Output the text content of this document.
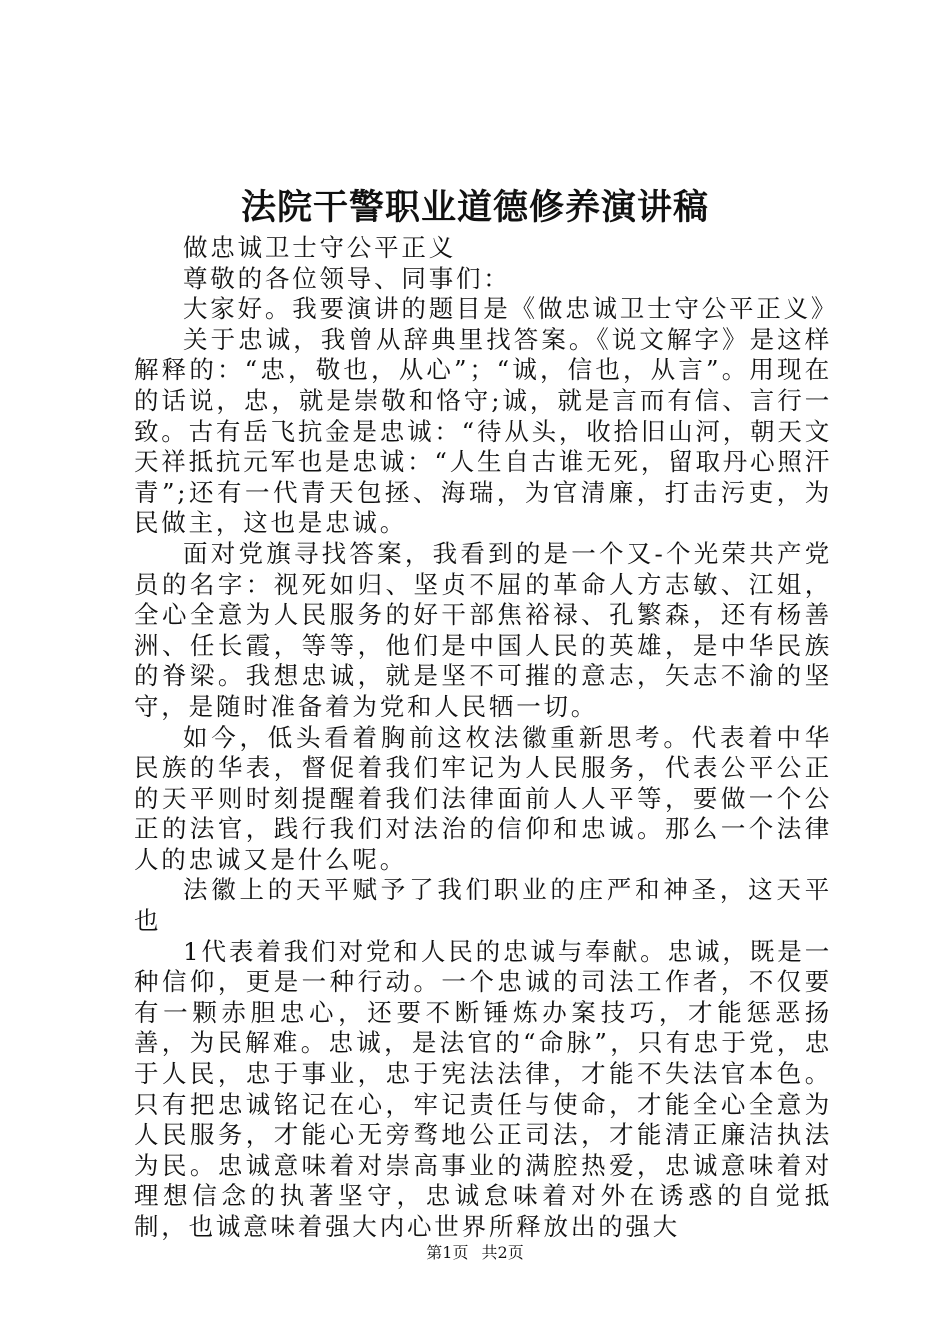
法院干警职业道德修养演讲稿

做忠诚卫士守公平正义

尊敬的各位领导、同事们：

大家好。我要演讲的题目是《做忠诚卫士守公平正义》

关于忠诚，我曾从辞典里找答案。《说文解字》是这样解释的：“忠，敬也，从心”；“诚，信也，从言”。用现在的话说，忠，就是崇敬和恪守;诚，就是言而有信、言行一致。古有岳飞抗金是忠诚：“待从头，收拾旧山河，朝天文天祥抵抗元军也是忠诚：“人生自古谁无死，留取丹心照汗青”;还有一代青天包拯、海瑞，为官清廉，打击污吏，为民做主，这也是忠诚。

面对党旗寻找答案，我看到的是一个又-个光荣共产党员的名字：视死如归、坚贞不屈的革命人方志敏、江姐，全心全意为人民服务的好干部焦裕禄、孔繁森，还有杨善洲、任长霞，等等，他们是中国人民的英雄，是中华民族的脊梁。我想忠诚，就是坚不可摧的意志，矢志不渝的坚守，是随时准备着为党和人民牺一切。

如今，低头看着胸前这枚法徽重新思考。代表着中华民族的华表，督促着我们牢记为人民服务，代表公平公正的天平则时刻提醒着我们法律面前人人平等，要做一个公正的法官，践行我们对法治的信仰和忠诚。那么一个法律人的忠诚又是什么呢。

法徽上的天平赋予了我们职业的庄严和神圣，这天平也

1代表着我们对党和人民的忠诚与奉献。忠诚，既是一种信仰，更是一种行动。一个忠诚的司法工作者，不仅要有一颗赤胆忠心，还要不断锤炼办案技巧，才能惩恶扬善，为民解难。忠诚，是法官的“命脉”，只有忠于党，忠于人民，忠于事业，忠于宪法法律，才能不失法官本色。只有把忠诚铭记在心，牢记责任与使命，才能全心全意为人民服务，才能心无旁骛地公正司法，才能清正廉洁执法为民。忠诚意味着对崇高事业的满腔热爱，忠诚意味着对理想信念的执著坚守，忠诚怠味着对外在诱惑的自觉抵制，也诚意味着强大内心世界所释放出的强大

第1页 共2页
